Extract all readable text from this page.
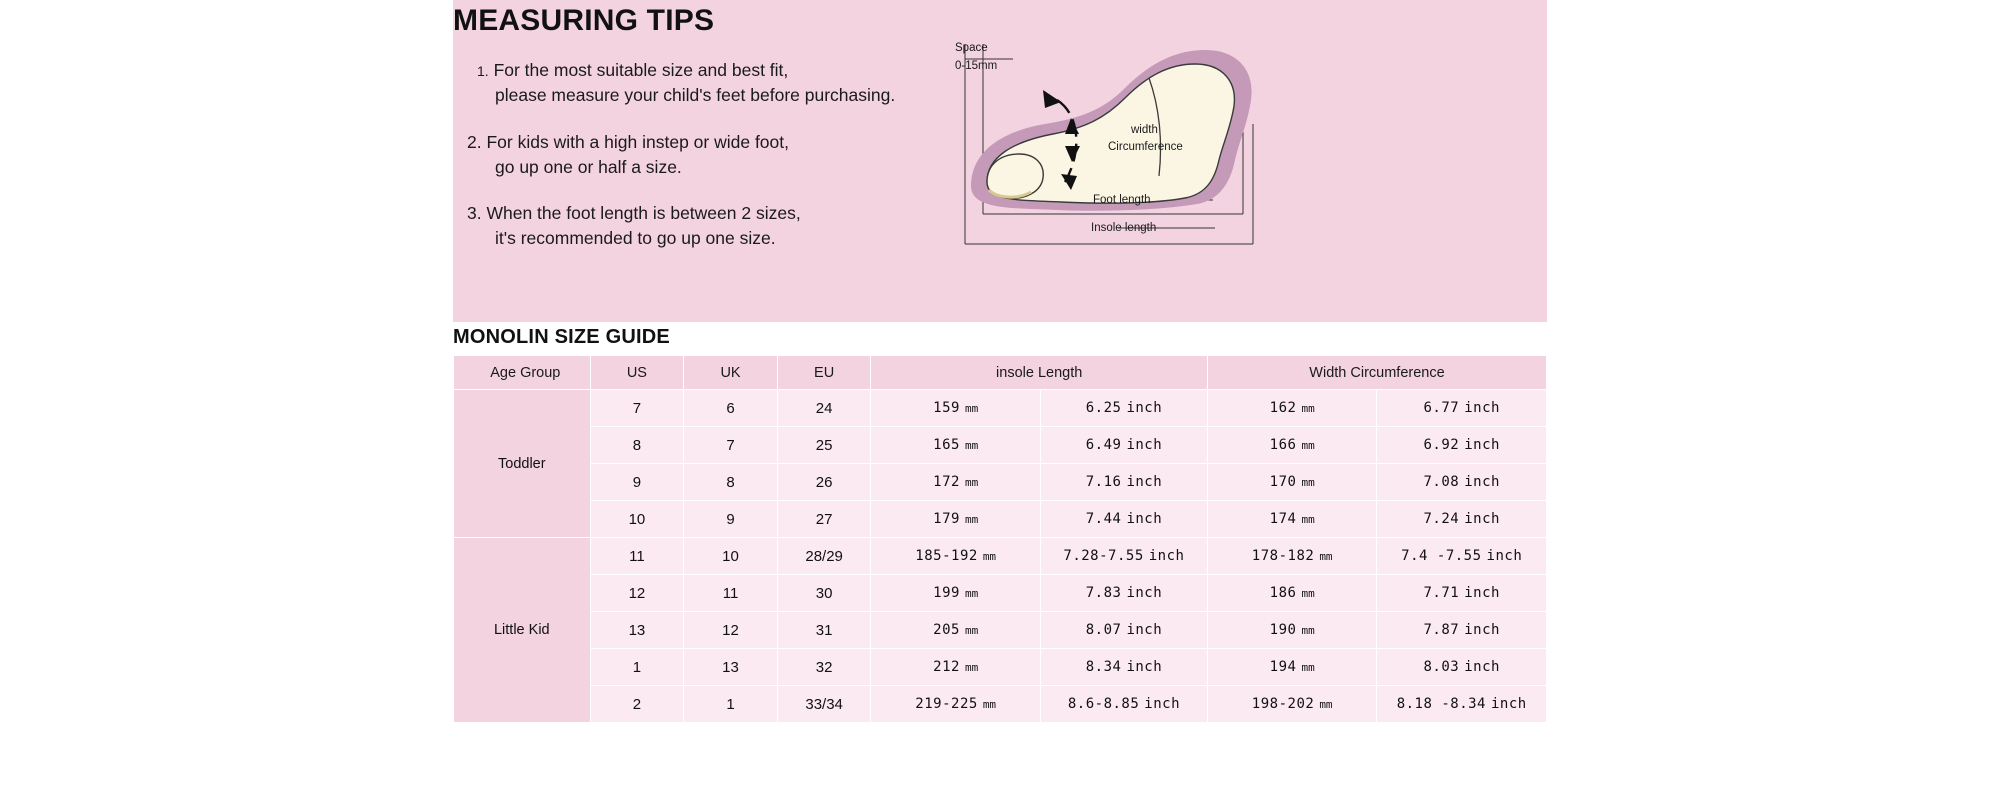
MEASURING TIPS
1. For the most suitable size and best fit,
please measure your child's feet before purchasing.
2. For kids with a high instep or wide foot,
go up one or half a size.
3. When the foot length is between 2 sizes,
it's recommended to go up one size.
Space
0-15mm
width
Circumference
Foot length
Insole length
MONOLIN SIZE GUIDE
Age Group	US	UK	EU	insole Length		Width Circumference	
Toddler	7	6	24	159 mm	6.25 inch	162 mm	6.77 inch

	8	7	25	165 mm	6.49 inch	166 mm	6.92 inch

	9	8	26	172 mm	7.16 inch	170 mm	7.08 inch

	10	9	27	179 mm	7.44 inch	174 mm	7.24 inch

Little Kid	11	10	28/29	185-192 mm	7.28-7.55 inch	178-182 mm	7.4 -7.55 inch

	12	11	30	199 mm	7.83 inch	186 mm	7.71 inch

	13	12	31	205 mm	8.07 inch	190 mm	7.87 inch

	1	13	32	212 mm	8.34 inch	194 mm	8.03 inch

	2	1	33/34	219-225 mm	8.6-8.85 inch	198-202 mm	8.18 -8.34 inch
